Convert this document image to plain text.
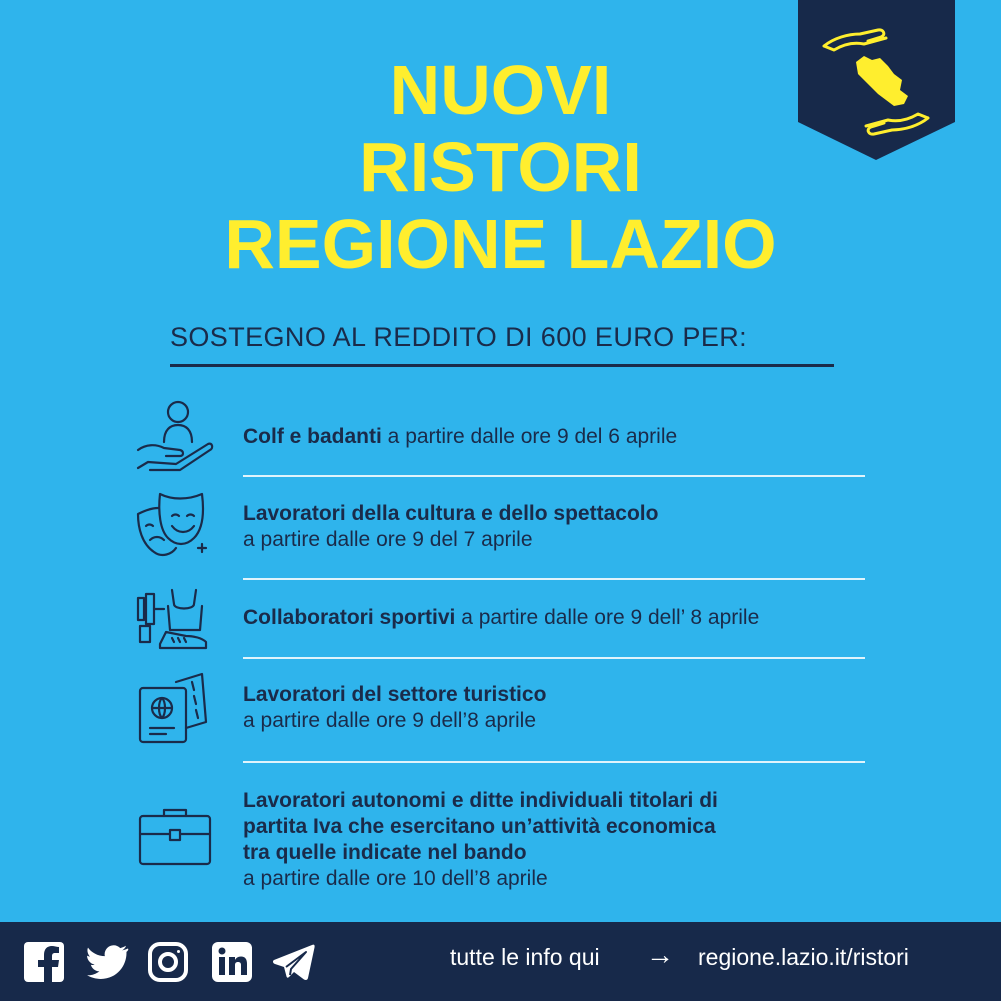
NUOVI
RISTORI
REGIONE LAZIO
SOSTEGNO AL REDDITO DI 600 EURO PER:
Colf e badanti a partire dalle ore 9 del 6 aprile
Lavoratori della cultura e dello spettacolo
a partire dalle ore 9 del 7 aprile
Collaboratori sportivi a partire dalle ore 9 dell’ 8 aprile
Lavoratori del settore turistico
a partire dalle ore 9 dell’8 aprile
Lavoratori autonomi e ditte individuali titolari di
partita Iva che esercitano un’attività economica
tra quelle indicate nel bando
a partire dalle ore 10 dell’8 aprile
tutte le info qui → regione.lazio.it/ristori
